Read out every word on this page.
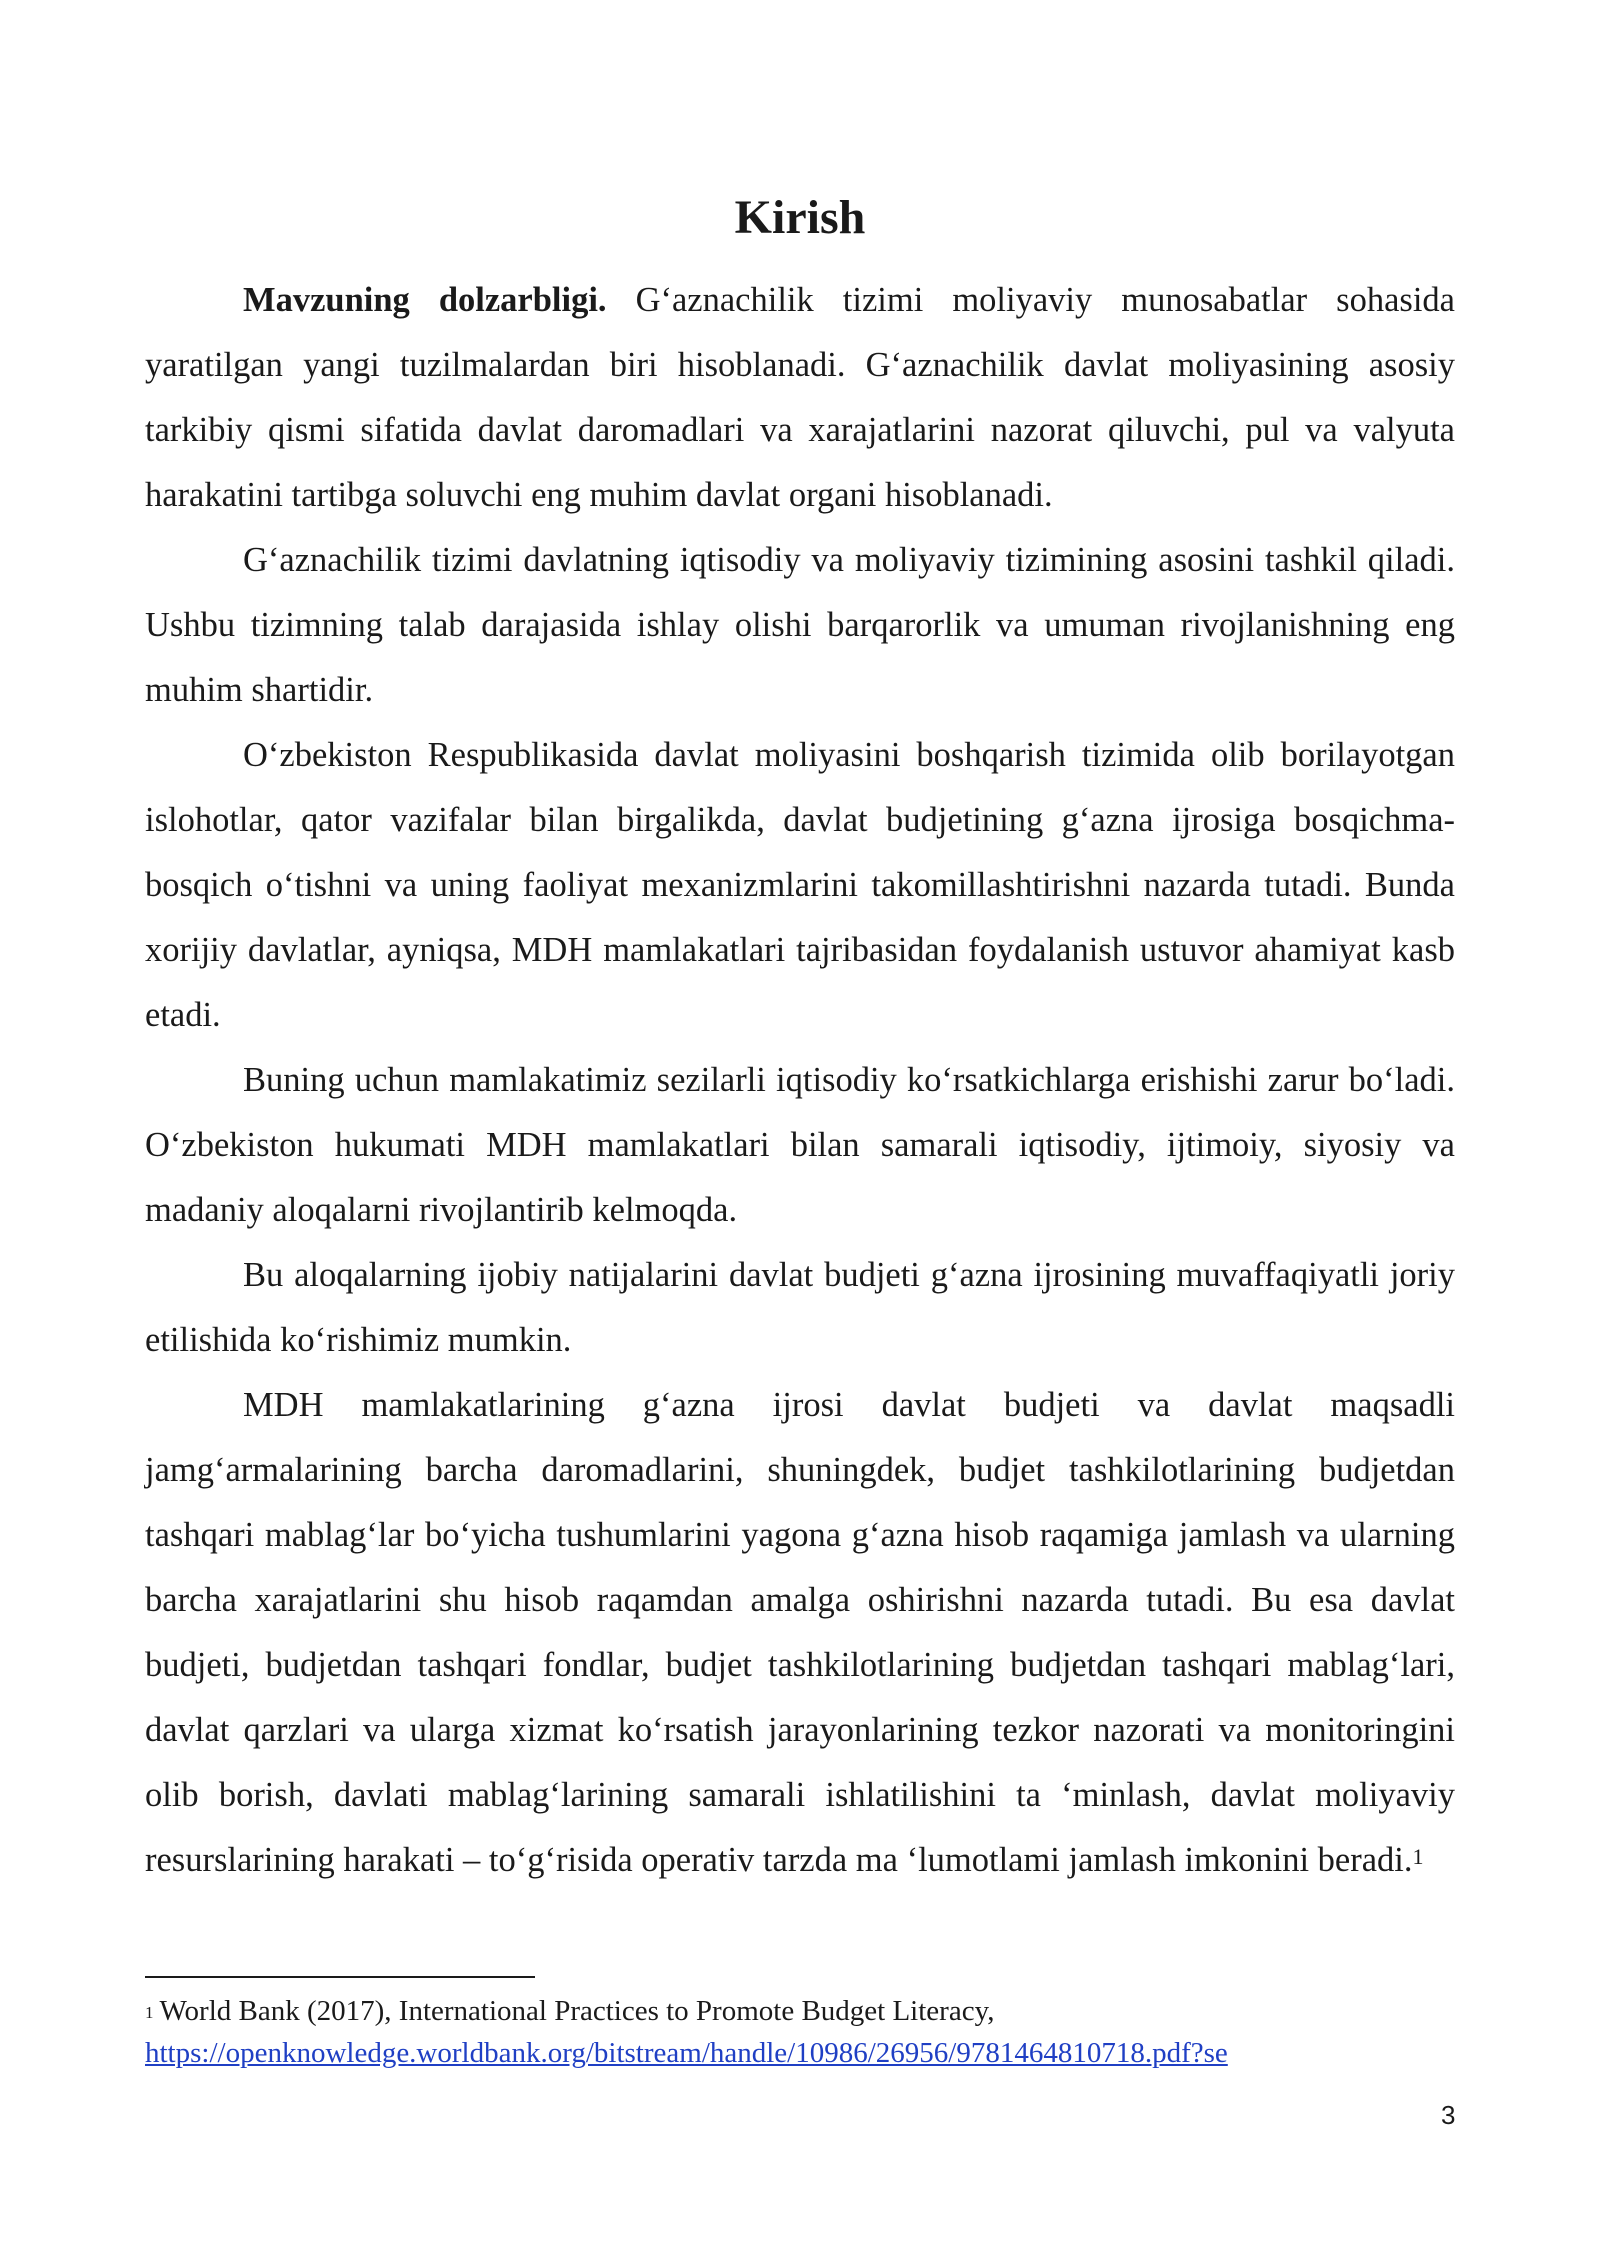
Kirish

Mavzuning dolzarbligi. G‘aznachilik tizimi moliyaviy munosabatlar sohasida yaratilgan yangi tuzilmalardan biri hisoblanadi. G‘aznachilik davlat moliyasining asosiy tarkibiy qismi sifatida davlat daromadlari va xarajatlarini nazorat qiluvchi, pul va valyuta harakatini tartibga soluvchi eng muhim davlat organi hisoblanadi.

G‘aznachilik tizimi davlatning iqtisodiy va moliyaviy tizimining asosini tashkil qiladi. Ushbu tizimning talab darajasida ishlay olishi barqarorlik va umuman rivojlanishning eng muhim shartidir.

O‘zbekiston Respublikasida davlat moliyasini boshqarish tizimida olib borilayotgan islohotlar, qator vazifalar bilan birgalikda, davlat budjetining g‘azna ijrosiga bosqichma-bosqich o‘tishni va uning faoliyat mexanizmlarini takomillashtirishni nazarda tutadi. Bunda xorijiy davlatlar, ayniqsa, MDH mamlakatlari tajribasidan foydalanish ustuvor ahamiyat kasb etadi.

Buning uchun mamlakatimiz sezilarli iqtisodiy ko‘rsatkichlarga erishishi zarur bo‘ladi. O‘zbekiston hukumati MDH mamlakatlari bilan samarali iqtisodiy, ijtimoiy, siyosiy va madaniy aloqalarni rivojlantirib kelmoqda.

Bu aloqalarning ijobiy natijalarini davlat budjeti g‘azna ijrosining muvaffaqiyatli joriy etilishida ko‘rishimiz mumkin.

MDH mamlakatlarining g‘azna ijrosi davlat budjeti va davlat maqsadli jamg‘armalarining barcha daromadlarini, shuningdek, budjet tashkilotlarining budjetdan tashqari mablag‘lar bo‘yicha tushumlarini yagona g‘azna hisob raqamiga jamlash va ularning barcha xarajatlarini shu hisob raqamdan amalga oshirishni nazarda tutadi. Bu esa davlat budjeti, budjetdan tashqari fondlar, budjet tashkilotlarining budjetdan tashqari mablag‘lari, davlat qarzlari va ularga xizmat ko‘rsatish jarayonlarining tezkor nazorati va monitoringini olib borish, davlati mablag‘larining samarali ishlatilishini ta ‘minlash, davlat moliyaviy resurslarining harakati – to‘g‘risida operativ tarzda ma ‘lumotlami jamlash imkonini beradi.$^1$

$^1$ World Bank (2017), International Practices to Promote Budget Literacy,
https://openknowledge.worldbank.org/bitstream/handle/10986/26956/9781464810718.pdf?se
3
